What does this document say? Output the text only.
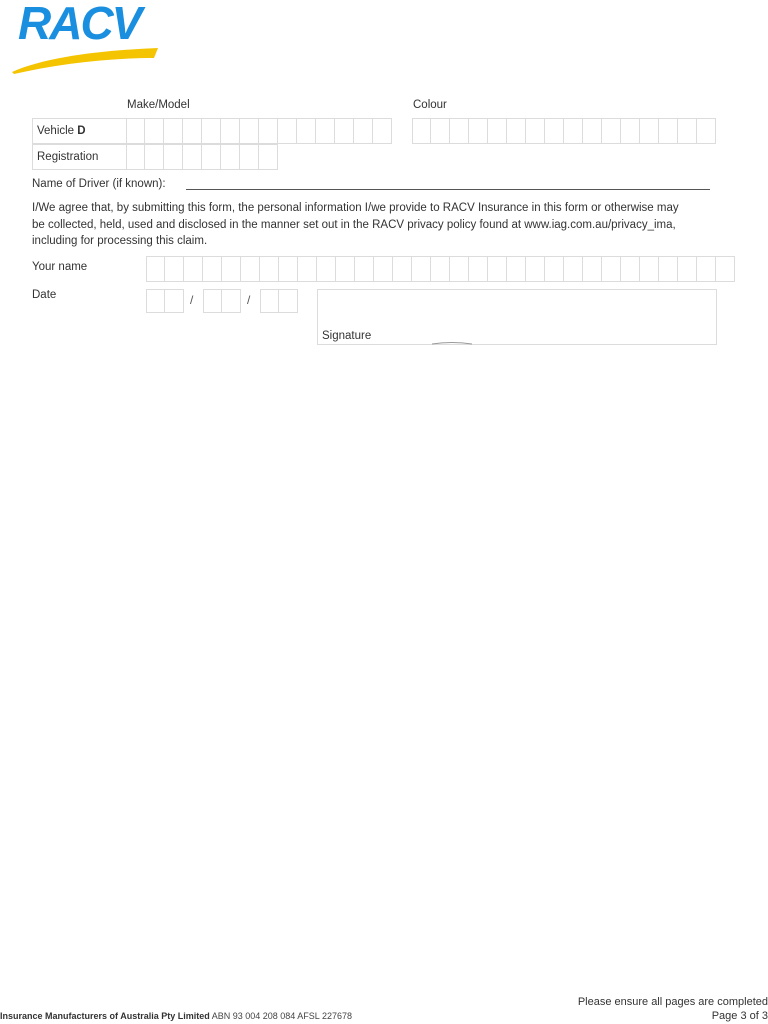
RACV
Make/Model	Colour
Vehicle D
Registration
Name of Driver (if known):
I/We agree that, by submitting this form, the personal information I/we provide to RACV Insurance in this form or otherwise may be collected, held, used and disclosed in the manner set out in the RACV privacy policy found at www.iag.com.au/privacy_ima, including for processing this claim.
Your name
Date	/	/
Signature
Insurance Manufacturers of Australia Pty Limited ABN 93 004 208 084 AFSL 227678
Please ensure all pages are completed
Page 3 of 3
